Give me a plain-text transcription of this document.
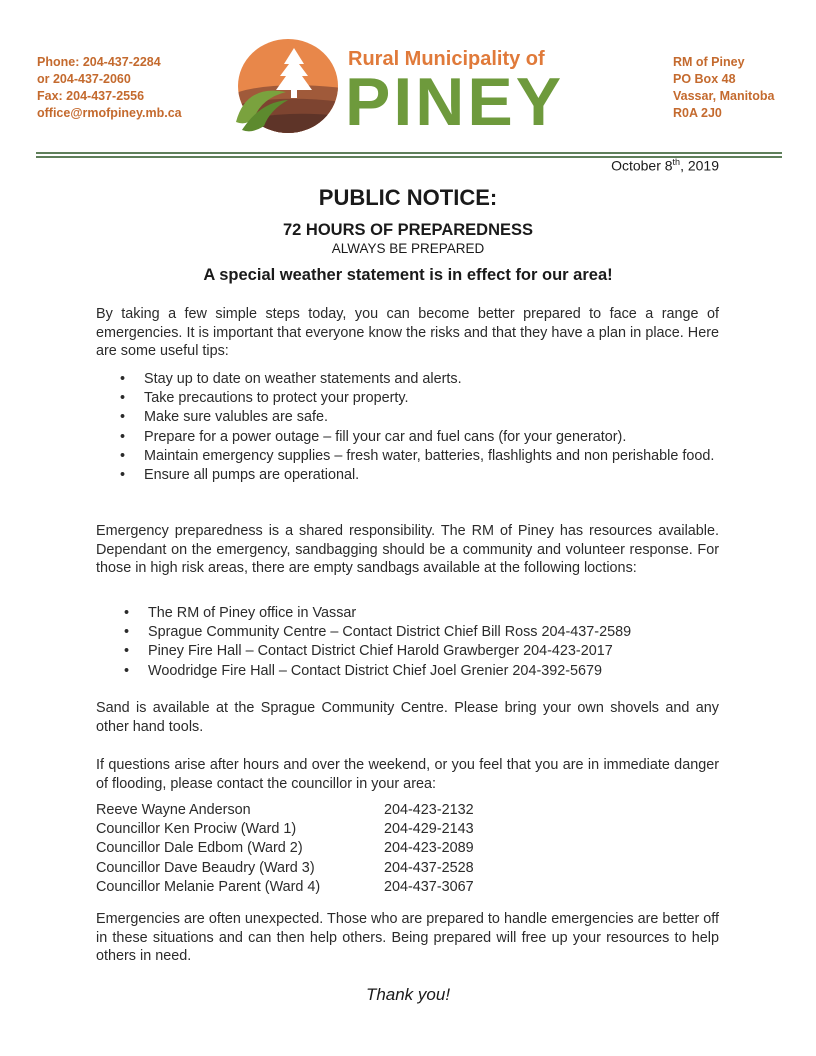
Phone: 204-437-2284
or 204-437-2060
Fax: 204-437-2556
office@rmofpiney.mb.ca
Rural Municipality of
PINEY
RM of Piney
PO Box 48
Vassar, Manitoba
R0A 2J0
October 8th, 2019
PUBLIC NOTICE:
72 HOURS OF PREPAREDNESS
ALWAYS BE PREPARED
A special weather statement is in effect for our area!
By taking a few simple steps today, you can become better prepared to face a range of emergencies. It is important that everyone know the risks and that they have a plan in place. Here are some useful tips:
• Stay up to date on weather statements and alerts.
• Take precautions to protect your property.
• Make sure valubles are safe.
• Prepare for a power outage – fill your car and fuel cans (for your generator).
• Maintain emergency supplies – fresh water, batteries, flashlights and non perishable food.
• Ensure all pumps are operational.
Emergency preparedness is a shared responsibility. The RM of Piney has resources available. Dependant on the emergency, sandbagging should be a community and volunteer response. For those in high risk areas, there are empty sandbags available at the following loctions:
• The RM of Piney office in Vassar
• Sprague Community Centre – Contact District Chief Bill Ross 204-437-2589
• Piney Fire Hall – Contact District Chief Harold Grawberger 204-423-2017
• Woodridge Fire Hall – Contact District Chief Joel Grenier 204-392-5679
Sand is available at the Sprague Community Centre. Please bring your own shovels and any other hand tools.
If questions arise after hours and over the weekend, or you feel that you are in immediate danger of flooding, please contact the councillor in your area:
Reeve Wayne Anderson	204-423-2132
Councillor Ken Prociw (Ward 1)	204-429-2143
Councillor Dale Edbom (Ward 2)	204-423-2089
Councillor Dave Beaudry (Ward 3)	204-437-2528
Councillor Melanie Parent (Ward 4)	204-437-3067
Emergencies are often unexpected. Those who are prepared to handle emergencies are better off in these situations and can then help others. Being prepared will free up your resources to help others in need.
Thank you!
